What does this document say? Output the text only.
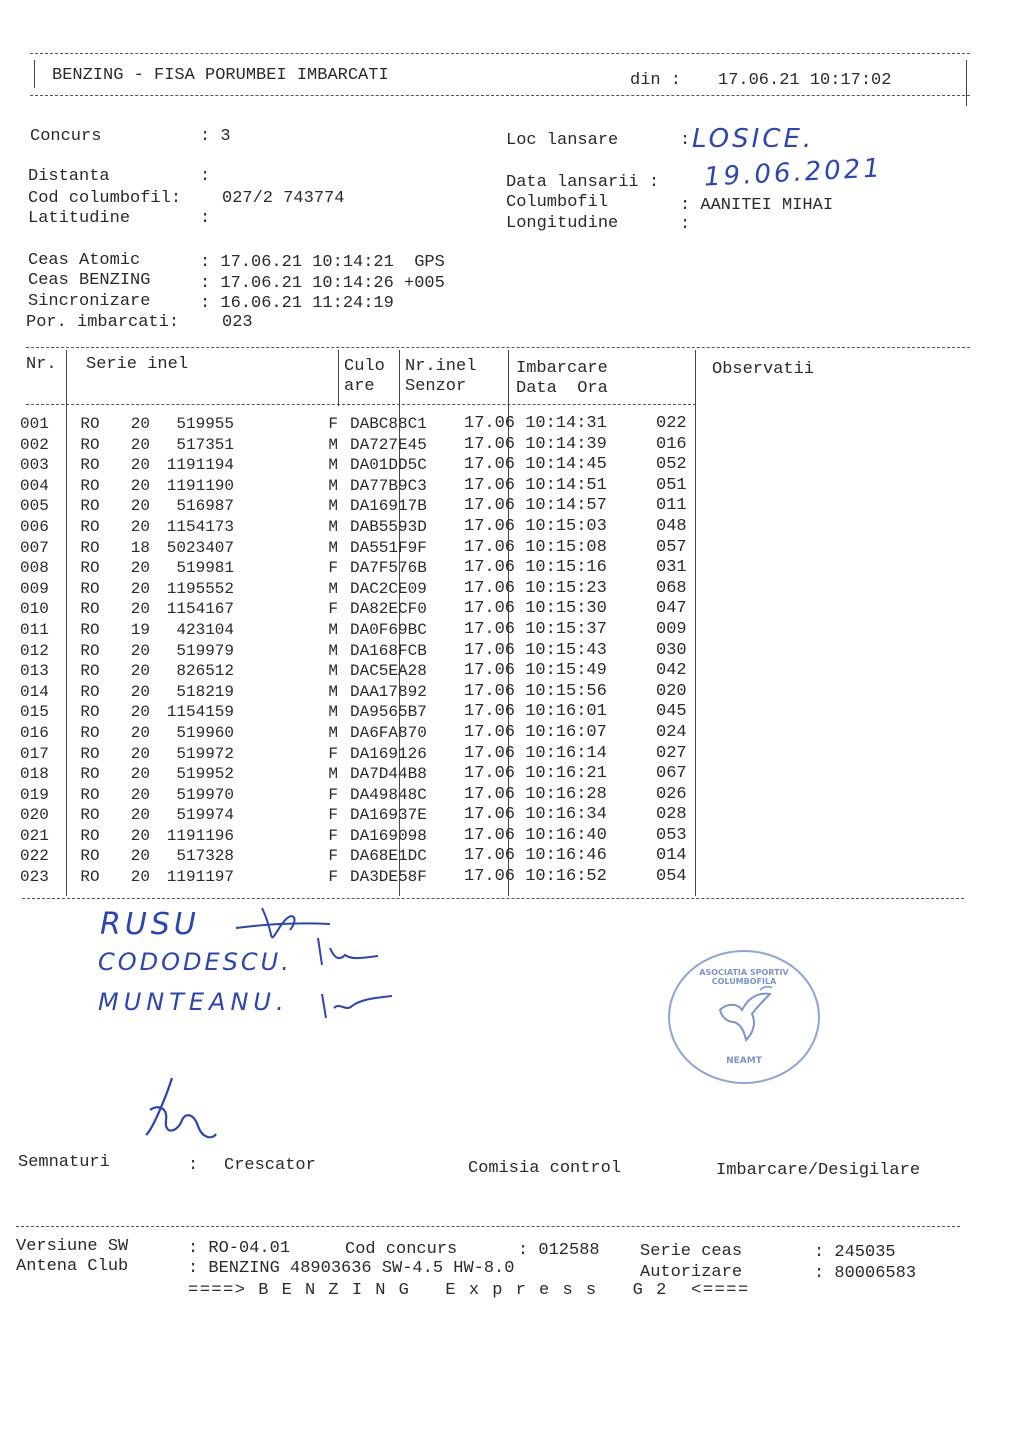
BENZING - FISA PORUMBEI IMBARCATI	din : 17.06.21 10:17:02
Concurs	: 3	Loc lansare	: LOSICE.
Distanta	:
Cod columbofil: 027/2 743774
Latitudine	:
Data lansarii : 19.06.2021
Columbofil	: AANITEI MIHAI
Longitudine	:
Ceas Atomic	: 17.06.21 10:14:21  GPS
Ceas BENZING	: 17.06.21 10:14:26 +005
Sincronizare	: 16.06.21 11:24:19
Por. imbarcati:	023
Nr. Serie inel	Culo
are
Nr.inel
Senzor
Imbarcare
Data  Ora
Observatii
001	RO	20	519955	F	DABC88C1	17.06 10:14:31	022
002	RO	20	517351	M	DA727E45	17.06 10:14:39	016
003	RO	20	1191194	M	DA01DD5C	17.06 10:14:45	052
004	RO	20	1191190	M	DA77B9C3	17.06 10:14:51	051
005	RO	20	516987	M	DA16917B	17.06 10:14:57	011
006	RO	20	1154173	M	DAB5593D	17.06 10:15:03	048
007	RO	18	5023407	M	DA551F9F	17.06 10:15:08	057
008	RO	20	519981	F	DA7F576B	17.06 10:15:16	031
009	RO	20	1195552	M	DAC2CE09	17.06 10:15:23	068
010	RO	20	1154167	F	DA82ECF0	17.06 10:15:30	047
011	RO	19	423104	M	DA0F69BC	17.06 10:15:37	009
012	RO	20	519979	M	DA168FCB	17.06 10:15:43	030
013	RO	20	826512	M	DAC5EA28	17.06 10:15:49	042
014	RO	20	518219	M	DAA17892	17.06 10:15:56	020
015	RO	20	1154159	M	DA9565B7	17.06 10:16:01	045
016	RO	20	519960	M	DA6FA870	17.06 10:16:07	024
017	RO	20	519972	F	DA169126	17.06 10:16:14	027
018	RO	20	519952	M	DA7D44B8	17.06 10:16:21	067
019	RO	20	519970	F	DA49848C	17.06 10:16:28	026
020	RO	20	519974	F	DA16937E	17.06 10:16:34	028
021	RO	20	1191196	F	DA169098	17.06 10:16:40	053
022	RO	20	517328	F	DA68E1DC	17.06 10:16:46	014
023	RO	20	1191197	F	DA3DE58F	17.06 10:16:52	054
RUSU
CODODESCU.
MUNTEANU.
ASOCIATIA SPORTIV COLUMBOFILA
NEAMT
Semnaturi	: Crescator	Comisia control	Imbarcare/Desigilare
Versiune SW	: RO-04.01	Cod concurs	: 012588 Serie ceas	: 245035
Antena Club	: BENZING 48903636 SW-4.5 HW-8.0	Autorizare	: 80006583
====> B E N Z I N G   E x p r e s s   G 2  <====
